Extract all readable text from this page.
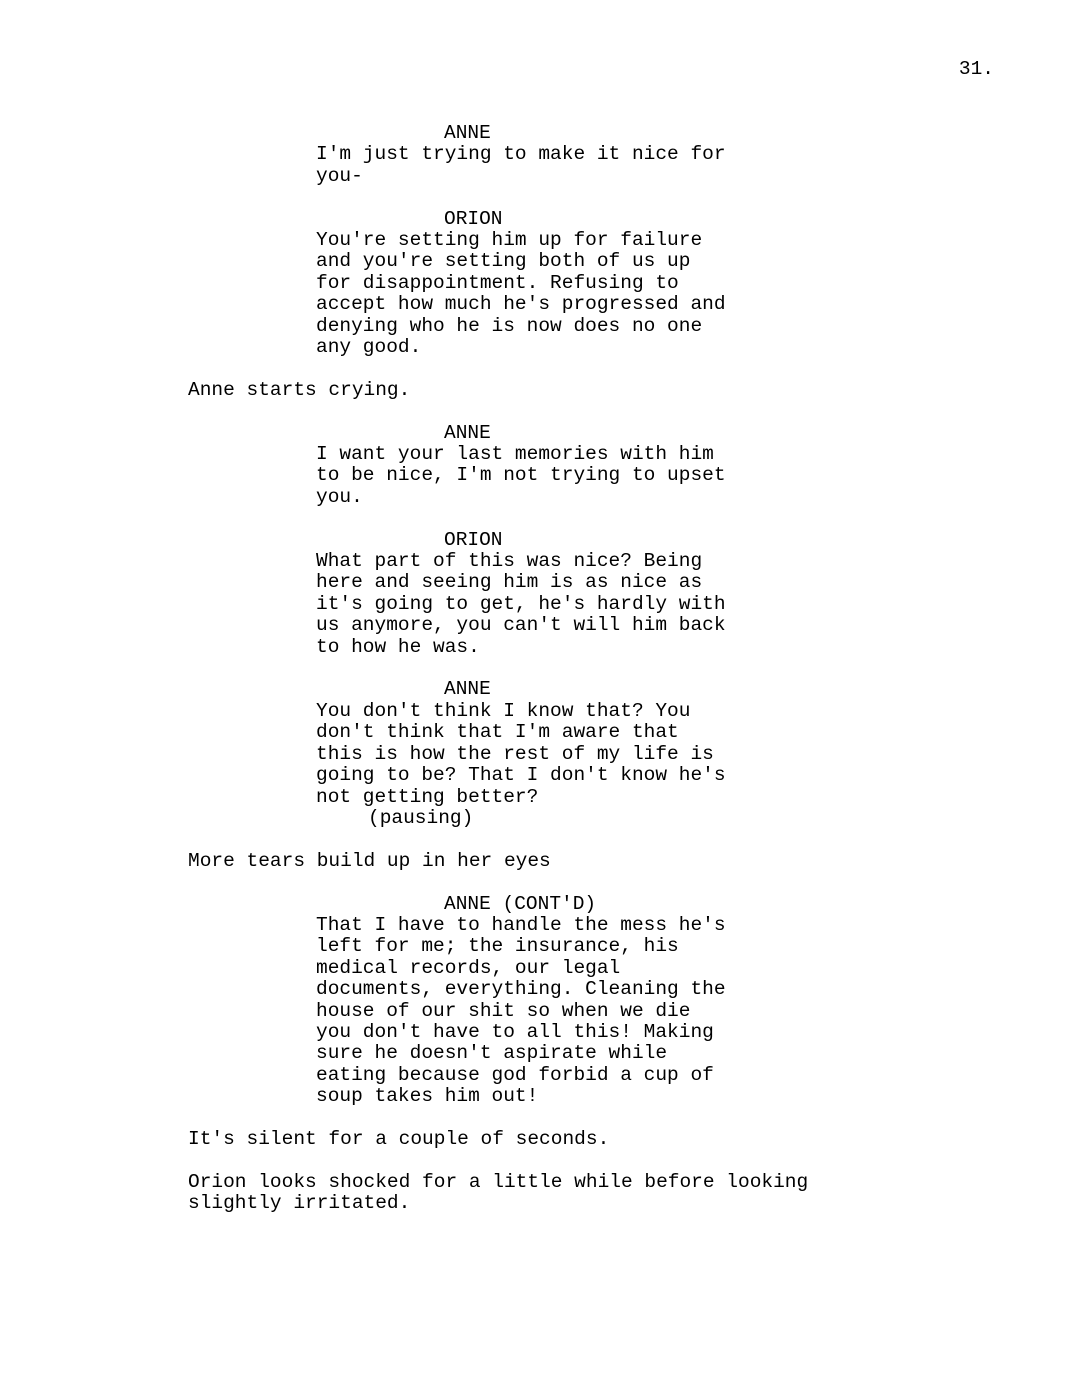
31.
ANNE
I'm just trying to make it nice for
you-
ORION
You're setting him up for failure
and you're setting both of us up
for disappointment. Refusing to
accept how much he's progressed and
denying who he is now does no one
any good.
Anne starts crying.
ANNE
I want your last memories with him
to be nice, I'm not trying to upset
you.
ORION
What part of this was nice? Being
here and seeing him is as nice as
it's going to get, he's hardly with
us anymore, you can't will him back
to how he was.
ANNE
You don't think I know that? You
don't think that I'm aware that
this is how the rest of my life is
going to be? That I don't know he's
not getting better?
(pausing)
More tears build up in her eyes
ANNE (CONT'D)
That I have to handle the mess he's
left for me; the insurance, his
medical records, our legal
documents, everything. Cleaning the
house of our shit so when we die
you don't have to all this! Making
sure he doesn't aspirate while
eating because god forbid a cup of
soup takes him out!
It's silent for a couple of seconds.
Orion looks shocked for a little while before looking
slightly irritated.
